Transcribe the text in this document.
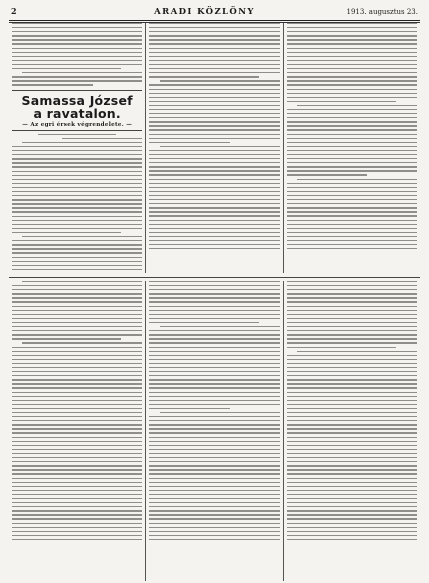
2	ARADI KÖZLÖNY	1913. augusztus 23.
Samassa József
a ravatalon.
— Az egri érsek végrendelete. —
